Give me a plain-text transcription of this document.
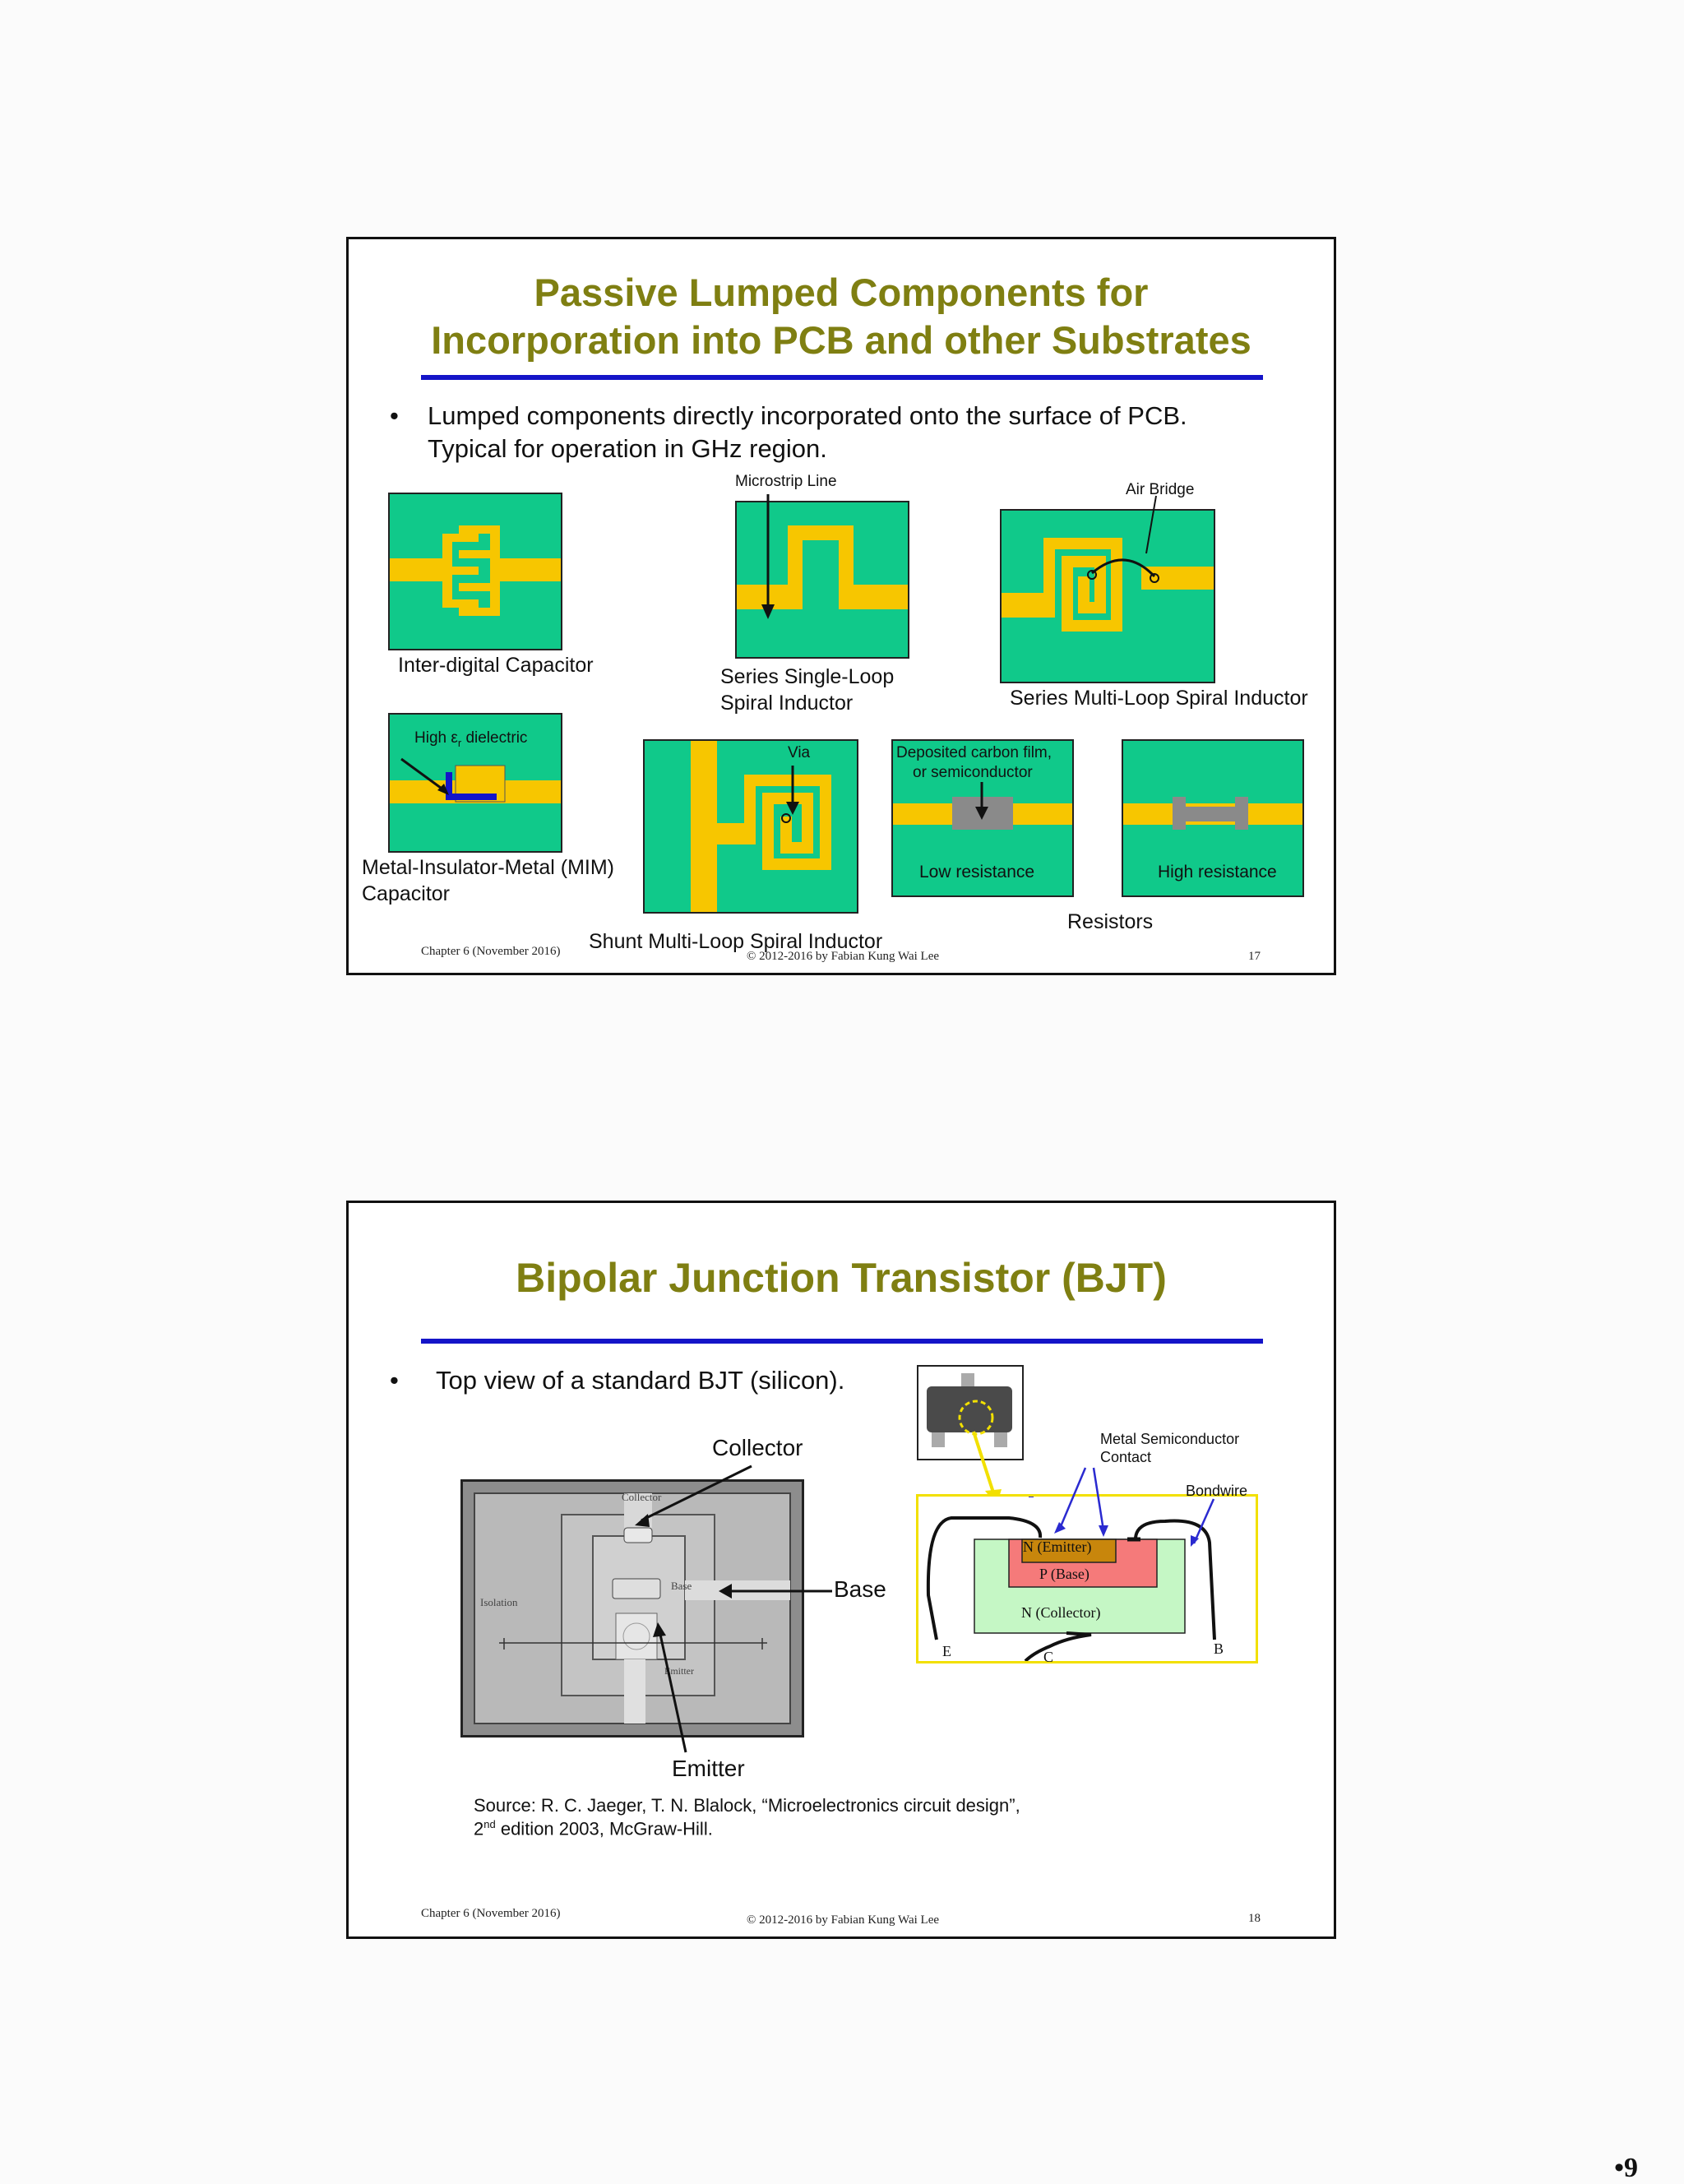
Passive Lumped Components for
Incorporation into PCB and other Substrates
• Lumped components directly incorporated onto the surface of PCB.
Typical for operation in GHz region.
Inter-digital Capacitor
Microstrip Line
Series Single-Loop
Spiral Inductor
Air Bridge
Series Multi-Loop Spiral Inductor
High $\varepsilon_r$ dielectric
Metal-Insulator-Metal (MIM)
Capacitor
Via
Shunt Multi-Loop Spiral Inductor
Deposited carbon film,
or semiconductor
Low resistance	High resistance
Resistors
Chapter 6 (November 2016)	© 2012-2016 by Fabian Kung Wai Lee	17
Bipolar Junction Transistor (BJT)
• Top view of a standard BJT (silicon).
Collector
Base
Isolation
Emitter
Collector
Base
Emitter
Metal Semiconductor
Contact
Bondwire
N (Emitter)
P (Base)
N (Collector)
E	C	B
Source: R. C. Jaeger, T. N. Blalock, “Microelectronics circuit design”,
2nd edition 2003, McGraw-Hill.
Chapter 6 (November 2016)	© 2012-2016 by Fabian Kung Wai Lee	18
•9
